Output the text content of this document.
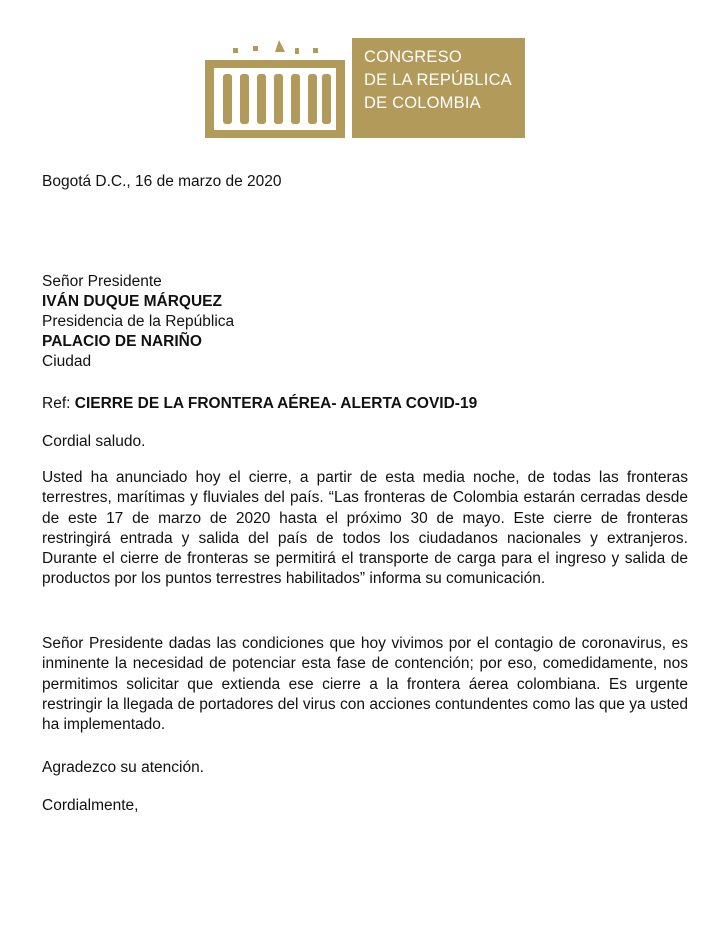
CONGRESO
DE LA REPÚBLICA
DE COLOMBIA
Bogotá D.C., 16 de marzo de 2020
Señor Presidente
IVÁN DUQUE MÁRQUEZ
Presidencia de la República
PALACIO DE NARIÑO
Ciudad
Ref: CIERRE DE LA FRONTERA AÉREA- ALERTA COVID-19
Cordial saludo.

Usted ha anunciado hoy el cierre, a partir de esta media noche, de todas las fronteras terrestres, marítimas y fluviales del país. “Las fronteras de Colombia estarán cerradas desde de este 17 de marzo de 2020 hasta el próximo 30 de mayo. Este cierre de fronteras restringirá entrada y salida del país de todos los ciudadanos nacionales y extranjeros. Durante el cierre de fronteras se permitirá el transporte de carga para el ingreso y salida de productos por los puntos terrestres habilitados” informa su comunicación.

Señor Presidente dadas las condiciones que hoy vivimos por el contagio de coronavirus, es inminente la necesidad de potenciar esta fase de contención; por eso, comedidamente, nos permitimos solicitar que extienda ese cierre a la frontera áerea colombiana. Es urgente restringir la llegada de portadores del virus con acciones contundentes como las que ya usted ha implementado.

Agradezco su atención.
Cordialmente,
